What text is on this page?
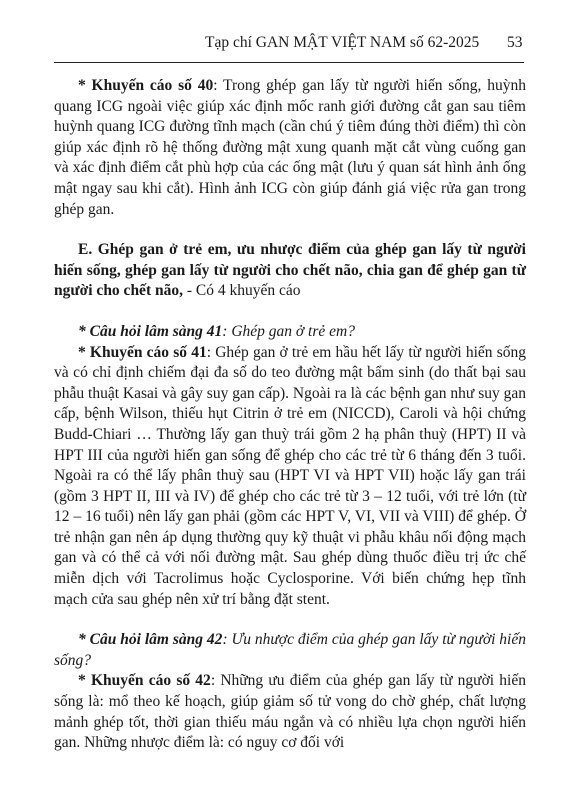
Tạp chí GAN MẬT VIỆT NAM số 62-2025 53

* Khuyến cáo số 40: Trong ghép gan lấy từ người hiến sống, huỳnh quang ICG ngoài việc giúp xác định mốc ranh giới đường cắt gan sau tiêm huỳnh quang ICG đường tĩnh mạch (cần chú ý tiêm đúng thời điểm) thì còn giúp xác định rõ hệ thống đường mật xung quanh mặt cắt vùng cuống gan và xác định điểm cắt phù hợp của các ống mật (lưu ý quan sát hình ảnh ống mật ngay sau khi cắt). Hình ảnh ICG còn giúp đánh giá việc rửa gan trong ghép gan.

E. Ghép gan ở trẻ em, ưu nhược điểm của ghép gan lấy từ người hiến sống, ghép gan lấy từ người cho chết não, chia gan để ghép gan từ người cho chết não, - Có 4 khuyến cáo

* Câu hỏi lâm sàng 41: Ghép gan ở trẻ em?

* Khuyến cáo số 41: Ghép gan ở trẻ em hầu hết lấy từ người hiến sống và có chỉ định chiếm đại đa số do teo đường mật bẩm sinh (do thất bại sau phẫu thuật Kasai và gây suy gan cấp). Ngoài ra là các bệnh gan như suy gan cấp, bệnh Wilson, thiếu hụt Citrin ở trẻ em (NICCD), Caroli và hội chứng Budd-Chiari … Thường lấy gan thuỳ trái gồm 2 hạ phân thuỳ (HPT) II và HPT III của người hiến gan sống để ghép cho các trẻ từ 6 tháng đến 3 tuổi. Ngoài ra có thể lấy phân thuỳ sau (HPT VI và HPT VII) hoặc lấy gan trái (gồm 3 HPT II, III và IV) để ghép cho các trẻ từ 3 – 12 tuổi, với trẻ lớn (từ 12 – 16 tuổi) nên lấy gan phải (gồm các HPT V, VI, VII và VIII) để ghép. Ở trẻ nhận gan nên áp dụng thường quy kỹ thuật vi phẫu khâu nối động mạch gan và có thể cả với nối đường mật. Sau ghép dùng thuốc điều trị ức chế miễn dịch với Tacrolimus hoặc Cyclosporine. Với biến chứng hẹp tĩnh mạch cửa sau ghép nên xử trí bằng đặt stent.

* Câu hỏi lâm sàng 42: Ưu nhược điểm của ghép gan lấy từ người hiến sống?

* Khuyến cáo số 42: Những ưu điểm của ghép gan lấy từ người hiến sống là: mổ theo kế hoạch, giúp giảm số tử vong do chờ ghép, chất lượng mảnh ghép tốt, thời gian thiếu máu ngắn và có nhiều lựa chọn người hiến gan. Những nhược điểm là: có nguy cơ đối với
